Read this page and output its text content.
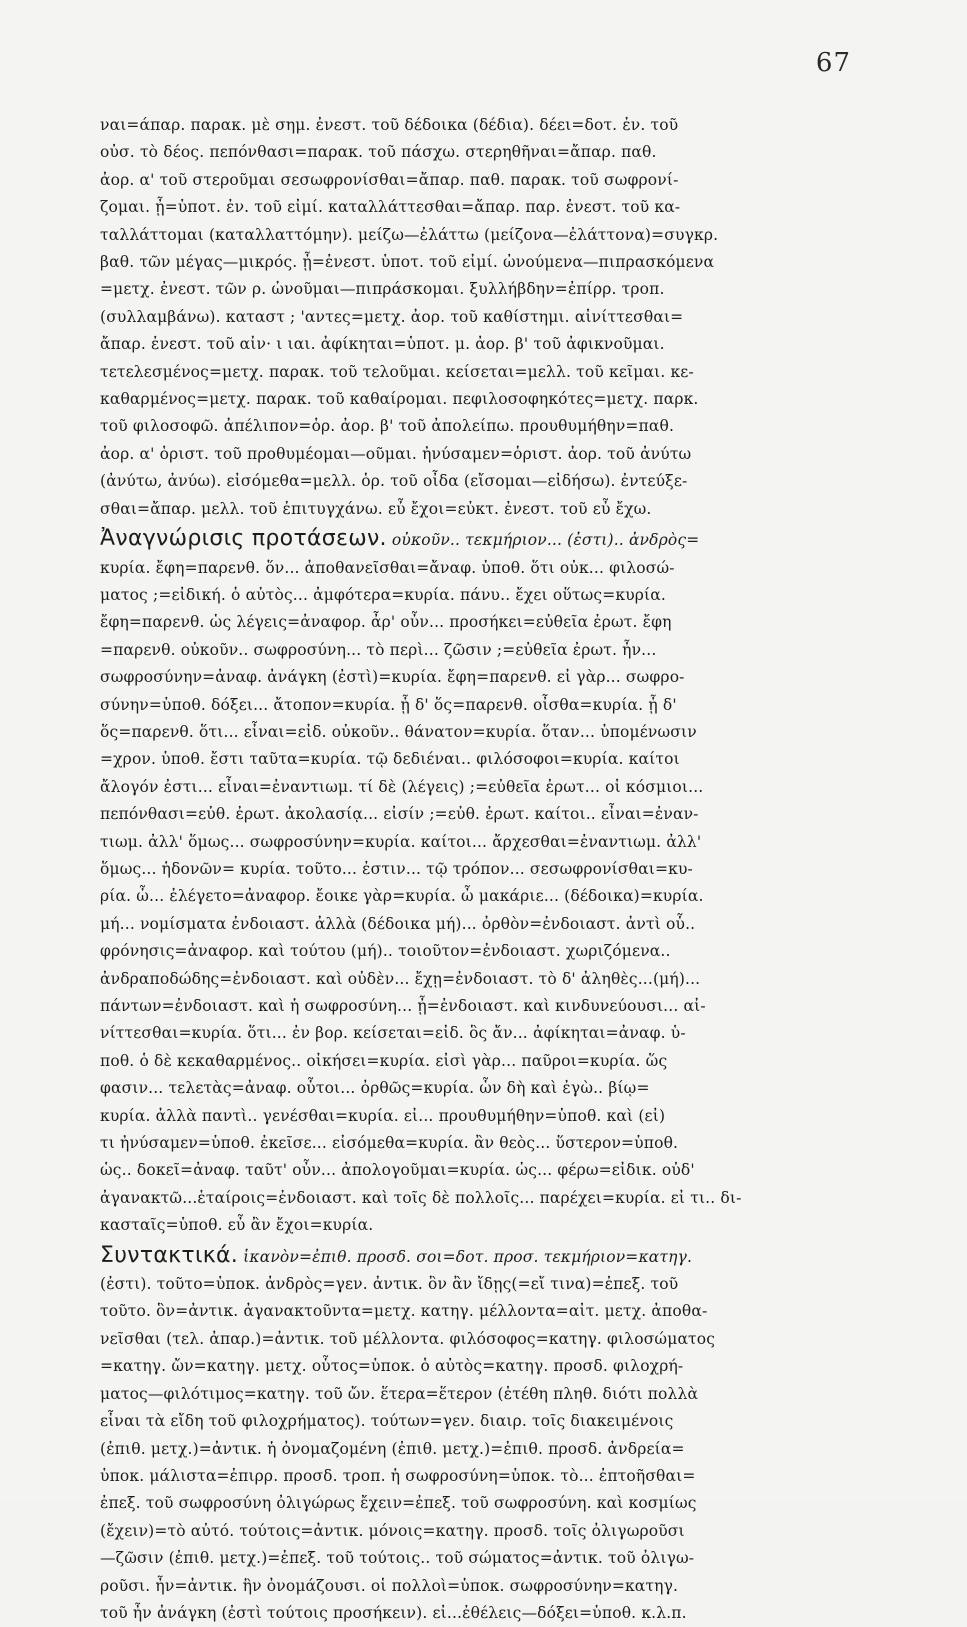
67
ναι=άπαρ. παρακ. μὲ σημ. ἐνεστ. τοῦ δέδοικα (δέδια). δέει=δοτ. ἐν. τοῦ
οὐσ. τὸ δέος. πεπόνθασι=παρακ. τοῦ πάσχω. στερηθῆναι=ἄπαρ. παθ.
ἀορ. α' τοῦ στεροῦμαι σεσωφρονίσθαι=ἄπαρ. παθ. παρακ. τοῦ σωφρονί-
ζομαι. ᾖ=ὑποτ. ἐν. τοῦ εἰμί. καταλλάττεσθαι=ἄπαρ. παρ. ἐνεστ. τοῦ κα-
ταλλάττομαι (καταλλαττόμην). μείζω—ἐλάττω (μείζονα—ἐλάττονα)=συγκρ.
βαθ. τῶν μέγας—μικρός. ᾖ=ἐνεστ. ὑποτ. τοῦ εἰμί. ὠνούμενα—πιπρασκόμενα
=μετχ. ἐνεστ. τῶν ρ. ὠνοῦμαι—πιπράσκομαι. ξυλλήβδην=ἐπίρρ. τροπ.
(συλλαμβάνω). καταστ ; 'αντες=μετχ. ἀορ. τοῦ καθίστημι. αἰνίττεσθαι=
ἄπαρ. ἐνεστ. τοῦ αἰν· ι ιαι. ἀφίκηται=ὑποτ. μ. ἀορ. β' τοῦ ἀφικνοῦμαι.
τετελεσμένος=μετχ. παρακ. τοῦ τελοῦμαι. κείσεται=μελλ. τοῦ κεῖμαι. κε-
καθαρμένος=μετχ. παρακ. τοῦ καθαίρομαι. πεφιλοσοφηκότες=μετχ. παρκ.
τοῦ φιλοσοφῶ. ἀπέλιπον=ὁρ. ἀορ. β' τοῦ ἀπολείπω. προυθυμήθην=παθ.
ἀορ. α' ὁριστ. τοῦ προθυμέομαι—οῦμαι. ἠνύσαμεν=ὁριστ. ἀορ. τοῦ ἀνύτω
(ἀνύτω, ἀνύω). εἰσόμεθα=μελλ. ὁρ. τοῦ οἶδα (εἴσομαι—εἰδήσω). ἐντεύξε-
σθαι=ἄπαρ. μελλ. τοῦ ἐπιτυγχάνω. εὖ ἔχοι=εὐκτ. ἐνεστ. τοῦ εὖ ἔχω.
Ἀναγνώρισις προτάσεων. οὐκοῦν.. τεκμήριον... (ἐστι).. ἀνδρὸς=
κυρία. ἔφη=παρενθ. ὅν... ἀποθανεῖσθαι=ἄναφ. ὑποθ. ὅτι οὐκ... φιλοσώ-
ματος ;=εἰδική. ὁ αὐτὸς... ἀμφότερα=κυρία. πάνυ.. ἔχει οὕτως=κυρία.
ἔφη=παρενθ. ὡς λέγεις=ἀναφορ. ἆρ' οὖν... προσήκει=εὐθεῖα ἐρωτ. ἔφη
=παρενθ. οὐκοῦν.. σωφροσύνη... τὸ περὶ... ζῶσιν ;=εὐθεῖα ἐρωτ. ἦν...
σωφροσύνην=ἀναφ. ἀνάγκη (ἐστὶ)=κυρία. ἔφη=παρενθ. εἰ γὰρ... σωφρο-
σύνην=ὑποθ. δόξει... ἄτοπον=κυρία. ᾗ δ' ὅς=παρενθ. οἶσθα=κυρία. ᾗ δ'
ὅς=παρενθ. ὅτι... εἶναι=εἰδ. οὐκοῦν.. θάνατον=κυρία. ὅταν... ὑπομένωσιν
=χρον. ὑποθ. ἔστι ταῦτα=κυρία. τῷ δεδιέναι.. φιλόσοφοι=κυρία. καίτοι
ἄλογόν ἐστι... εἶναι=ἐναντιωμ. τί δὲ (λέγεις) ;=εὐθεῖα ἐρωτ... οἱ κόσμιοι...
πεπόνθασι=εὐθ. ἐρωτ. ἀκολασίᾳ... εἰσίν ;=εὐθ. ἐρωτ. καίτοι.. εἶναι=ἐναν-
τιωμ. ἀλλ' ὅμως... σωφροσύνην=κυρία. καίτοι... ἄρχεσθαι=ἐναντιωμ. ἀλλ'
ὅμως... ἡδονῶν= κυρία. τοῦτο... ἐστιν... τῷ τρόπον... σεσωφρονίσθαι=κυ-
ρία. ὦ... ἐλέγετο=ἀναφορ. ἔοικε γὰρ=κυρία. ὦ μακάριε... (δέδοικα)=κυρία.
μή... νομίσματα ἐνδοιαστ. ἀλλὰ (δέδοικα μή)... ὀρθὸν=ἐνδοιαστ. ἀντὶ οὗ..
φρόνησις=ἀναφορ. καὶ τούτου (μή).. τοιοῦτον=ἐνδοιαστ. χωριζόμενα..
ἀνδραποδώδης=ἐνδοιαστ. καὶ οὐδὲν... ἔχῃ=ἐνδοιαστ. τὸ δ' ἀληθὲς...(μή)...
πάντων=ἐνδοιαστ. καὶ ἡ σωφροσύνη... ᾖ=ἐνδοιαστ. καὶ κινδυνεύουσι... αἰ-
νίττεσθαι=κυρία. ὅτι... ἐν βορ. κείσεται=εἰδ. ὃς ἄν... ἀφίκηται=ἀναφ. ὑ-
ποθ. ὁ δὲ κεκαθαρμένος.. οἰκήσει=κυρία. εἰσὶ γὰρ... παῦροι=κυρία. ὥς
φασιν... τελετὰς=ἀναφ. οὗτοι... ὀρθῶς=κυρία. ὧν δὴ καὶ ἐγὼ.. βίῳ=
κυρία. ἀλλὰ παντὶ.. γενέσθαι=κυρία. εἰ... προυθυμήθην=ὑποθ. καὶ (εἰ)
τι ἠνύσαμεν=ὑποθ. ἐκεῖσε... εἰσόμεθα=κυρία. ἂν θεὸς... ὕστερον=ὑποθ.
ὡς.. δοκεῖ=ἀναφ. ταῦτ' οὖν... ἀπολογοῦμαι=κυρία. ὡς... φέρω=εἰδικ. οὐδ'
ἀγανακτῶ...ἑταίροις=ἐνδοιαστ. καὶ τοῖς δὲ πολλοῖς... παρέχει=κυρία. εἰ τι.. δι-
κασταῖς=ὑποθ. εὖ ἂν ἔχοι=κυρία.
Συντακτικά. ἱκανὸν=ἐπιθ. προσδ. σοι=δοτ. προσ. τεκμήριον=κατηγ.
(ἐστι). τοῦτο=ὑποκ. ἀνδρὸς=γεν. ἀντικ. ὃν ἂν ἴδῃς(=εἴ τινα)=ἐπεξ. τοῦ
τοῦτο. ὃν=ἀντικ. ἀγανακτοῦντα=μετχ. κατηγ. μέλλοντα=αἰτ. μετχ. ἀποθα-
νεῖσθαι (τελ. ἀπαρ.)=ἀντικ. τοῦ μέλλοντα. φιλόσοφος=κατηγ. φιλοσώματος
=κατηγ. ὤν=κατηγ. μετχ. οὗτος=ὑποκ. ὁ αὐτὸς=κατηγ. προσδ. φιλοχρή-
ματος—φιλότιμος=κατηγ. τοῦ ὤν. ἕτερα=ἕτερον (ἐτέθη πληθ. διότι πολλὰ
εἶναι τὰ εἴδη τοῦ φιλοχρήματος). τούτων=γεν. διαιρ. τοῖς διακειμένοις
(ἐπιθ. μετχ.)=ἀντικ. ἡ ὀνομαζομένη (ἐπιθ. μετχ.)=ἐπιθ. προσδ. ἀνδρεία=
ὑποκ. μάλιστα=ἐπιρρ. προσδ. τροπ. ἡ σωφροσύνη=ὑποκ. τὸ... ἐπτοῆσθαι=
ἐπεξ. τοῦ σωφροσύνη ὀλιγώρως ἔχειν=ἐπεξ. τοῦ σωφροσύνη. καὶ κοσμίως
(ἔχειν)=τὸ αὐτό. τούτοις=ἀντικ. μόνοις=κατηγ. προσδ. τοῖς ὀλιγωροῦσι
—ζῶσιν (ἐπιθ. μετχ.)=ἐπεξ. τοῦ τούτοις.. τοῦ σώματος=ἀντικ. τοῦ ὀλιγω-
ροῦσι. ἦν=ἀντικ. ἣν ὀνομάζουσι. οἱ πολλοὶ=ὑποκ. σωφροσύνην=κατηγ.
τοῦ ἦν ἀνάγκη (ἐστὶ τούτοις προσήκειν). εἰ...ἐθέλεις—δόξει=ὑποθ. κ.λ.π.
